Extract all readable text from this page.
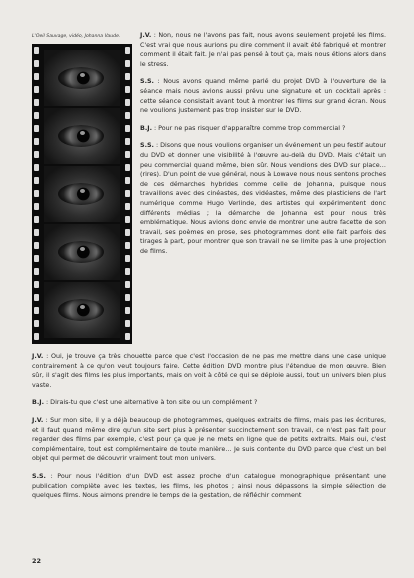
L'Oeil Sauvage, vidéo, Johanna Vaude.	J.V. : Non, nous ne l'avons pas fait, nous avons seulement projeté les films. C'est vrai que nous aurions pu dire comment il avait été fabriqué et montrer comment il était fait. Je n'ai pas pensé à tout ça, mais nous étions alors dans le stress.

S.S. : Nous avons quand même parlé du projet DVD à l'ouverture de la séance mais nous avions aussi prévu une signature et un cocktail après : cette séance consistait avant tout à montrer les films sur grand écran. Nous ne voulions justement pas trop insister sur le DVD.

B.J. : Pour ne pas risquer d'apparaître comme trop commercial ?

S.S. : Disons que nous voulions organiser un événement un peu festif autour du DVD et donner une visibilité à l'œuvre au-delà du DVD. Mais c'était un peu commercial quand même, bien sûr. Nous vendions des DVD sur place… (rires). D'un point de vue général, nous à Lowave nous nous sentons proches de ces démarches hybrides comme celle de Johanna, puisque nous travaillons avec des cinéastes, des vidéastes, même des plasticiens de l'art numérique comme Hugo Verlinde, des artistes qui expérimentent donc différents médias ; la démarche de Johanna est pour nous très emblématique. Nous avions donc envie de montrer une autre facette de son travail, ses poèmes en prose, ses photogrammes dont elle fait parfois des tirages à part, pour montrer que son travail ne se limite pas à une projection de films.

J.V. : Oui, je trouve ça très chouette parce que c'est l'occasion de ne pas me mettre dans une case unique contrairement à ce qu'on veut toujours faire. Cette édition DVD montre plus l'étendue de mon œuvre. Bien sûr, il s'agit des films les plus importants, mais on voit à côté ce qui se déploie aussi, tout un univers bien plus vaste.

B.J. : Dirais-tu que c'est une alternative à ton site ou un complément ?

J.V. : Sur mon site, il y a déjà beaucoup de photogrammes, quelques extraits de films, mais pas les écritures, et il faut quand même dire qu'un site sert plus à présenter succinctement son travail, ce n'est pas fait pour regarder des films par exemple, c'est pour ça que je ne mets en ligne que de petits extraits. Mais oui, c'est complémentaire, tout est complémentaire de toute manière… Je suis contente du DVD parce que c'est un bel objet qui permet de découvrir vraiment tout mon univers.

S.S. : Pour nous l'édition d'un DVD est assez proche d'un catalogue monographique présentant une publication complète avec les textes, les films, les photos ; ainsi nous dépassons la simple sélection de quelques films. Nous aimons prendre le temps de la gestation, de réfléchir comment

22
